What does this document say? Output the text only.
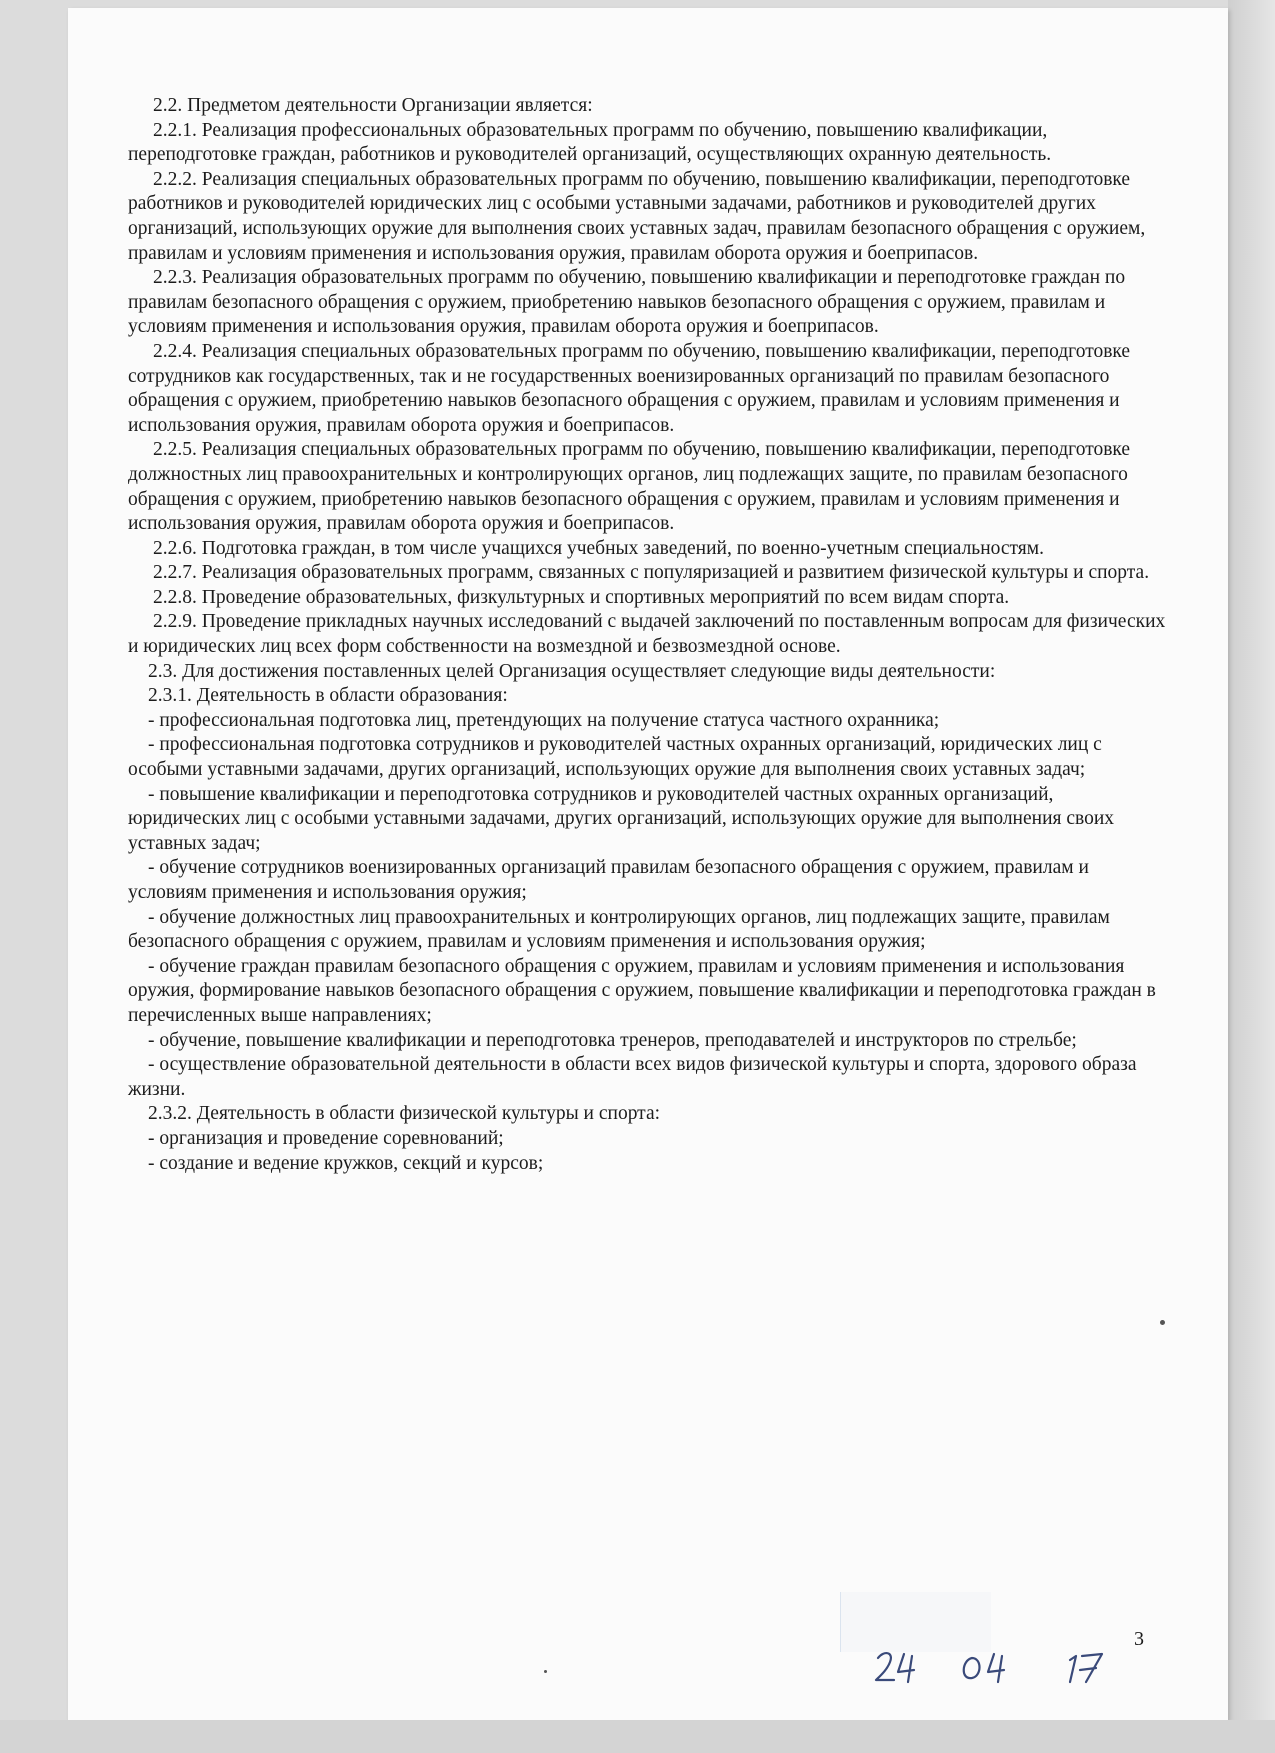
2.2. Предметом деятельности Организации является:

2.2.1. Реализация профессиональных образовательных программ по обучению, повышению квалификации, переподготовке граждан, работников и руководителей организаций, осуществляющих охранную деятельность.

2.2.2. Реализация специальных образовательных программ по обучению, повышению квалификации, переподготовке работников и руководителей юридических лиц с особыми уставными задачами, работников и руководителей других организаций, использующих оружие для выполнения своих уставных задач, правилам безопасного обращения с оружием, правилам и условиям применения и использования оружия, правилам оборота оружия и боеприпасов.

2.2.3. Реализация образовательных программ по обучению, повышению квалификации и переподготовке граждан по правилам безопасного обращения с оружием, приобретению навыков безопасного обращения с оружием, правилам и условиям применения и использования оружия, правилам оборота оружия и боеприпасов.

2.2.4. Реализация специальных образовательных программ по обучению, повышению квалификации, переподготовке сотрудников как государственных, так и не государственных военизированных организаций по правилам безопасного обращения с оружием, приобретению навыков безопасного обращения с оружием, правилам и условиям применения и использования оружия, правилам оборота оружия и боеприпасов.

2.2.5. Реализация специальных образовательных программ по обучению, повышению квалификации, переподготовке должностных лиц правоохранительных и контролирующих органов, лиц подлежащих защите, по правилам безопасного обращения с оружием, приобретению навыков безопасного обращения с оружием, правилам и условиям применения и использования оружия, правилам оборота оружия и боеприпасов.

2.2.6. Подготовка граждан, в том числе учащихся учебных заведений, по военно-учетным специальностям.

2.2.7. Реализация образовательных программ, связанных с популяризацией и развитием физической культуры и спорта.

2.2.8. Проведение образовательных, физкультурных и спортивных мероприятий по всем видам спорта.

2.2.9. Проведение прикладных научных исследований с выдачей заключений по поставленным вопросам для физических и юридических лиц всех форм собственности на возмездной и безвозмездной основе.

2.3. Для достижения поставленных целей Организация осуществляет следующие виды деятельности:

2.3.1. Деятельность в области образования:

- профессиональная подготовка лиц, претендующих на получение статуса частного охранника;

- профессиональная подготовка сотрудников и руководителей частных охранных организаций, юридических лиц с особыми уставными задачами, других организаций, использующих оружие для выполнения своих уставных задач;

- повышение квалификации и переподготовка сотрудников и руководителей частных охранных организаций, юридических лиц с особыми уставными задачами, других организаций, использующих оружие для выполнения своих уставных задач;

- обучение сотрудников военизированных организаций правилам безопасного обращения с оружием, правилам и условиям применения и использования оружия;

- обучение должностных лиц правоохранительных и контролирующих органов, лиц подлежащих защите, правилам безопасного обращения с оружием, правилам и условиям применения и использования оружия;

- обучение граждан правилам безопасного обращения с оружием, правилам и условиям применения и использования оружия, формирование навыков безопасного обращения с оружием, повышение квалификации и переподготовка граждан в перечисленных выше направлениях;

- обучение, повышение квалификации и переподготовка тренеров, преподавателей и инструкторов по стрельбе;

- осуществление образовательной деятельности в области всех видов физической культуры и спорта, здорового образа жизни.

2.3.2. Деятельность в области физической культуры и спорта:

- организация и проведение соревнований;

- создание и ведение кружков, секций и курсов;

3
